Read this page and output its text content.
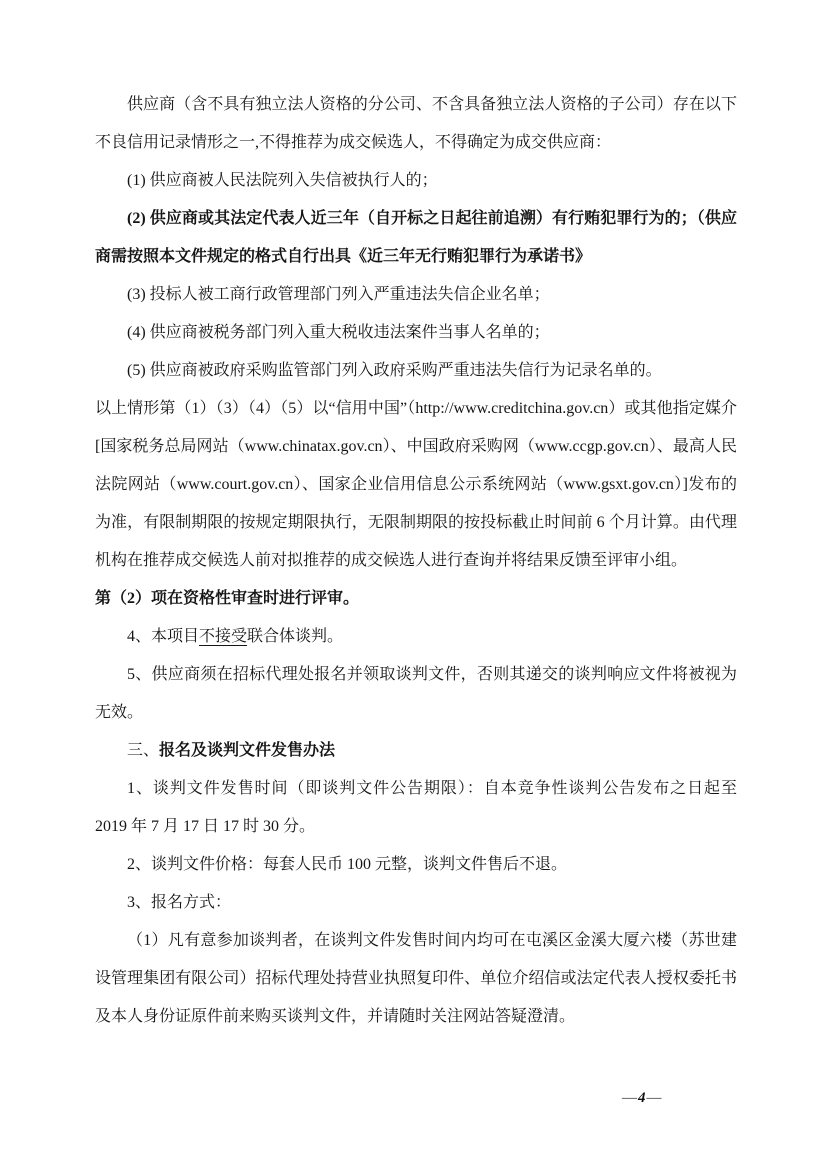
供应商（含不具有独立法人资格的分公司、不含具备独立法人资格的子公司）存在以下不良信用记录情形之一,不得推荐为成交候选人，不得确定为成交供应商：

(1) 供应商被人民法院列入失信被执行人的；

(2) 供应商或其法定代表人近三年（自开标之日起往前追溯）有行贿犯罪行为的；（供应商需按照本文件规定的格式自行出具《近三年无行贿犯罪行为承诺书》

(3) 投标人被工商行政管理部门列入严重违法失信企业名单；

(4) 供应商被税务部门列入重大税收违法案件当事人名单的；

(5) 供应商被政府采购监管部门列入政府采购严重违法失信行为记录名单的。

以上情形第（1）（3）（4）（5）以“信用中国”（http://www.creditchina.gov.cn）或其他指定媒介[国家税务总局网站（www.chinatax.gov.cn）、中国政府采购网（www.ccgp.gov.cn）、最高人民法院网站（www.court.gov.cn）、国家企业信用信息公示系统网站（www.gsxt.gov.cn）]发布的为准，有限制期限的按规定期限执行，无限制期限的按投标截止时间前 6 个月计算。由代理机构在推荐成交候选人前对拟推荐的成交候选人进行查询并将结果反馈至评审小组。

第（2）项在资格性审查时进行评审。

4、本项目不接受联合体谈判。

5、供应商须在招标代理处报名并领取谈判文件，否则其递交的谈判响应文件将被视为无效。

三、报名及谈判文件发售办法

1、谈判文件发售时间（即谈判文件公告期限）：自本竞争性谈判公告发布之日起至 2019 年 7 月 17 日 17 时 30 分。

2、谈判文件价格：每套人民币 100 元整，谈判文件售后不退。

3、报名方式：

（1）凡有意参加谈判者，在谈判文件发售时间内均可在屯溪区金溪大厦六楼（苏世建设管理集团有限公司）招标代理处持营业执照复印件、单位介绍信或法定代表人授权委托书及本人身份证原件前来购买谈判文件，并请随时关注网站答疑澄清。

—4—
